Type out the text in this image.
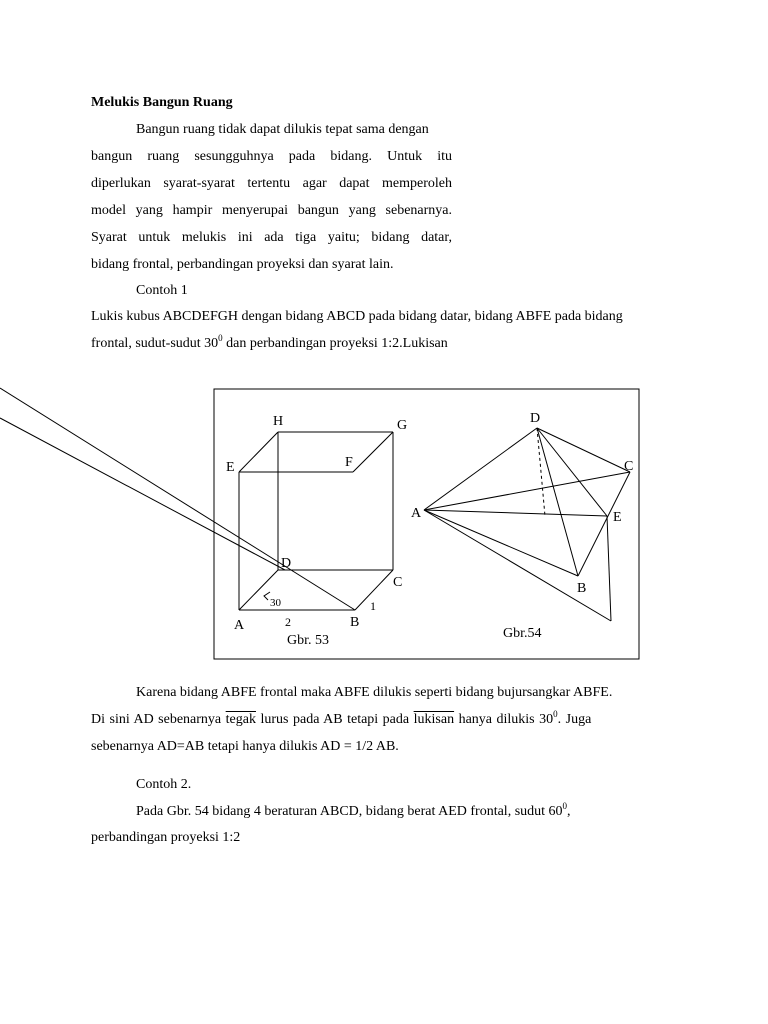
Melukis Bangun Ruang
Bangun ruang tidak dapat dilukis tepat sama dengan
bangun ruang sesungguhnya pada bidang. Untuk itu
diperlukan syarat-syarat tertentu agar dapat memperoleh
model yang hampir menyerupai bangun yang sebenarnya.
Syarat untuk melukis ini ada tiga yaitu; bidang datar,
bidang frontal, perbandingan proyeksi dan syarat lain.
Contoh 1
Lukis kubus ABCDEFGH dengan bidang ABCD pada bidang datar, bidang ABFE pada bidang
frontal, sudut-sudut $30^0$ dan perbandingan proyeksi 1:2.Lukisan
A	B
C
D
E	F
G
H
30
2
1
Gbr. 53
A
B
C
D
E
Gbr.54
Karena bidang ABFE frontal maka ABFE dilukis seperti bidang bujursangkar ABFE.
Di sini AD sebenarnya tegak lurus pada AB tetapi pada lukisan hanya dilukis $30^0$. Juga
sebenarnya AD=AB tetapi hanya dilukis AD = 1/2 AB.
Contoh 2.
Pada Gbr. 54 bidang 4 beraturan ABCD, bidang berat AED frontal, sudut $60^0$,
perbandingan proyeksi 1:2
